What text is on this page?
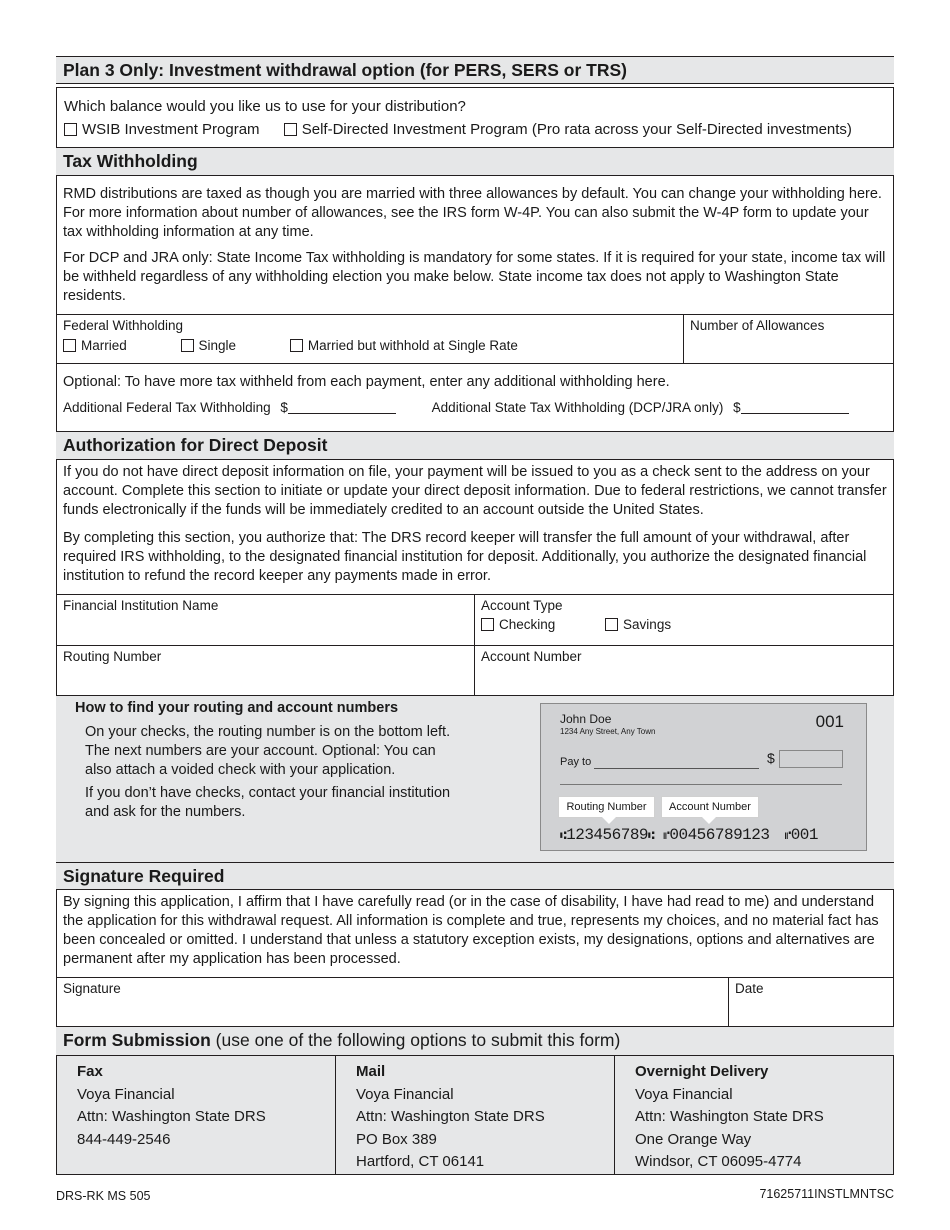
Plan 3 Only: Investment withdrawal option (for PERS, SERS or TRS)
Which balance would you like us to use for your distribution?
WSIB Investment Program	Self-Directed Investment Program (Pro rata across your Self-Directed investments)
Tax Withholding

RMD distributions are taxed as though you are married with three allowances by default. You can change your withholding here. For more information about number of allowances, see the IRS form W-4P. You can also submit the W-4P form to update your tax withholding information at any time.

For DCP and JRA only: State Income Tax withholding is mandatory for some states. If it is required for your state, income tax will be withheld regardless of any withholding election you make below. State income tax does not apply to Washington State residents.

Federal Withholding
Married	Single	Married but withhold at Single Rate
Number of Allowances
Optional: To have more tax withheld from each payment, enter any additional withholding here.
Additional Federal Tax Withholding $	Additional State Tax Withholding (DCP/JRA only) $
Authorization for Direct Deposit

If you do not have direct deposit information on file, your payment will be issued to you as a check sent to the address on your account. Complete this section to initiate or update your direct deposit information. Due to federal restrictions, we cannot transfer funds electronically if the funds will be immediately credited to an account outside the United States.

By completing this section, you authorize that: The DRS record keeper will transfer the full amount of your withdrawal, after required IRS withholding, to the designated financial institution for deposit. Additionally, you authorize the designated financial institution to refund the record keeper any payments made in error.

Financial Institution Name	Account Type
Checking	Savings
Routing Number	Account Number
How to find your routing and account numbers

On your checks, the routing number is on the bottom left. The next numbers are your account. Optional: You can also attach a voided check with your application.

If you don’t have checks, contact your financial institution and ask for the numbers.

Signature Required

By signing this application, I affirm that I have carefully read (or in the case of disability, I have had read to me) and understand the application for this withdrawal request. All information is complete and true, represents my choices, and no material fact has been concealed or omitted. I understand that unless a statutory exception exists, my designations, options and alternatives are permanent after my application has been processed.

Signature	Date
Form Submission (use one of the following options to submit this form)
Fax
Voya Financial
Attn: Washington State DRS
844-449-2546
Mail
Voya Financial
Attn: Washington State DRS
PO Box 389
Hartford, CT 06141
Overnight Delivery
Voya Financial
Attn: Washington State DRS
One Orange Way
Windsor, CT 06095-4774
John Doe
1234 Any Street, Any Town
001
Pay to	$
Routing Number	Account Number
⑆123456789⑆ ⑈00456789123 ⑈001
DRS-RK MS 505	71625711INSTLMNTSC
